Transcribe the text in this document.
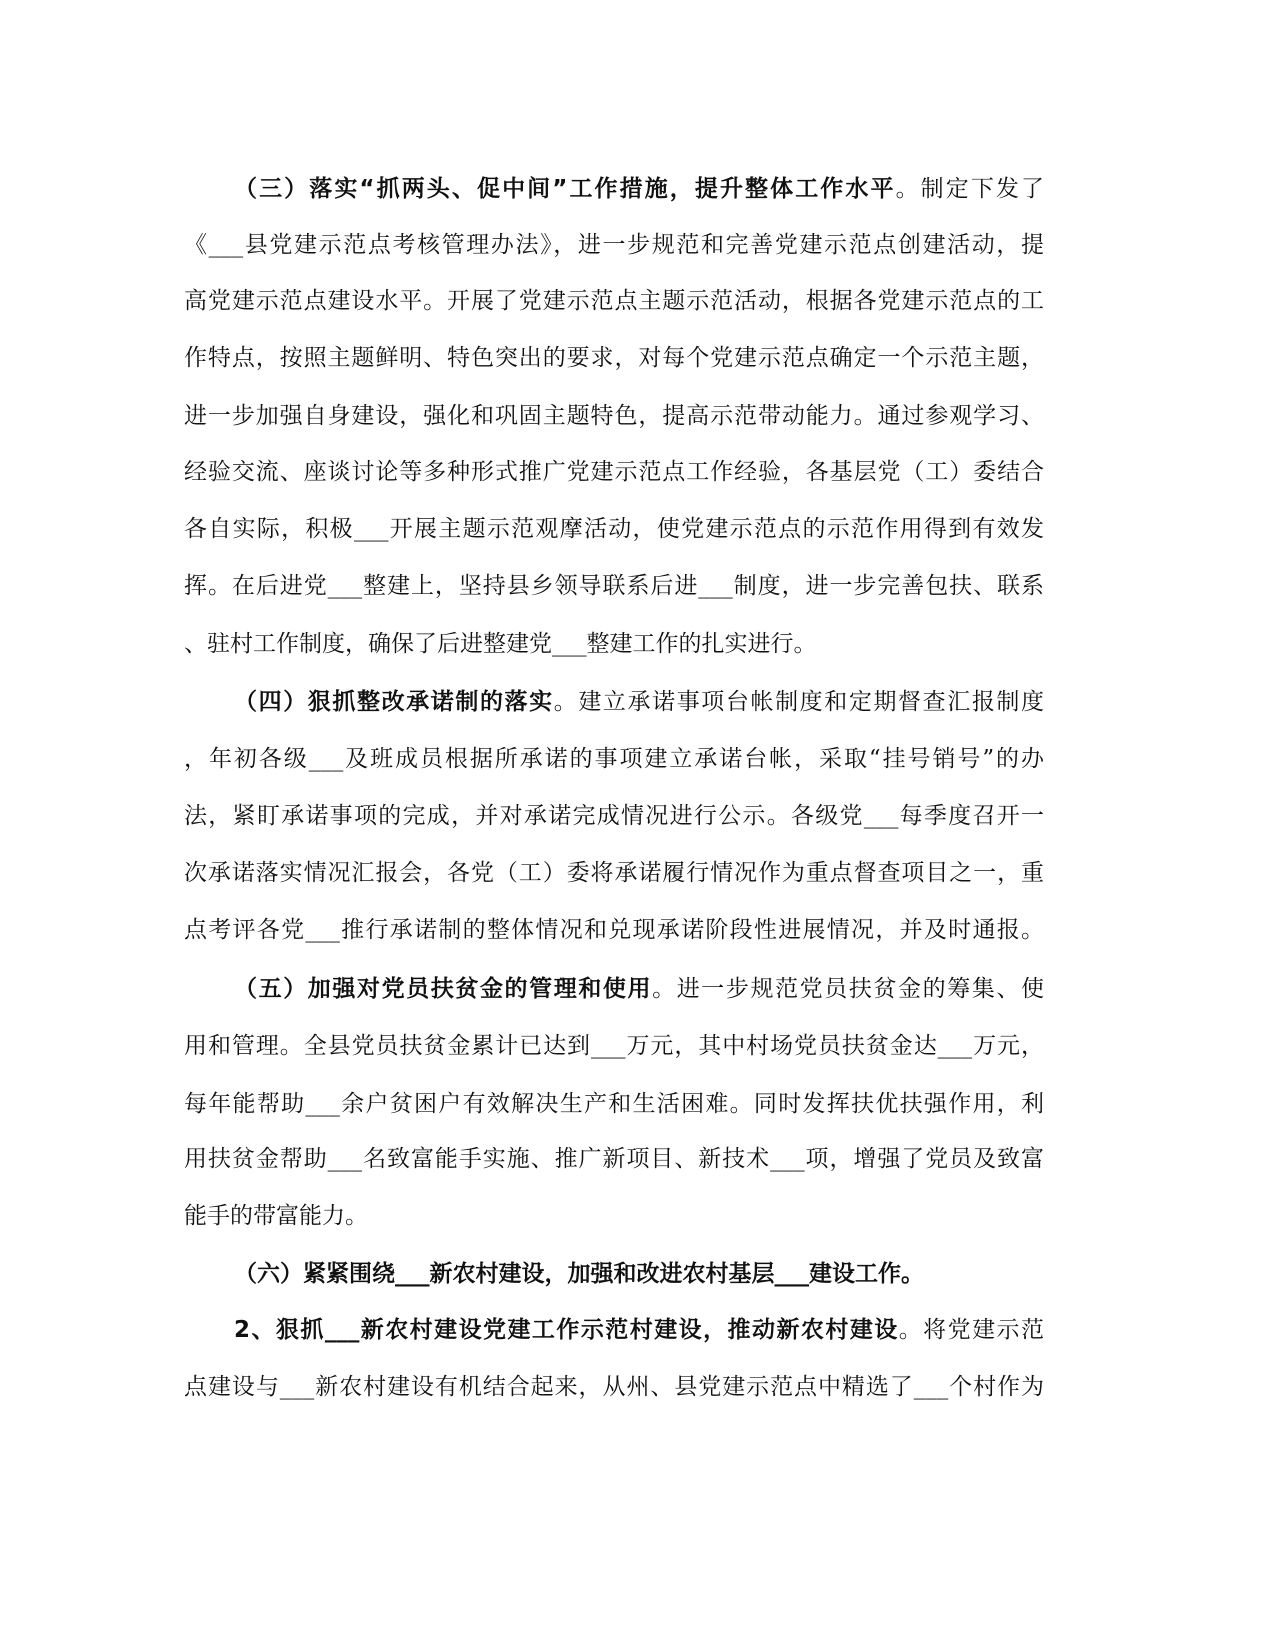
（三）落实“抓两头、促中间”工作措施，提升整体工作水平。制定下发了
《___县党建示范点考核管理办法》，进一步规范和完善党建示范点创建活动，提
高党建示范点建设水平。开展了党建示范点主题示范活动，根据各党建示范点的工
作特点，按照主题鲜明、特色突出的要求，对每个党建示范点确定一个示范主题，
进一步加强自身建设，强化和巩固主题特色，提高示范带动能力。通过参观学习、
经验交流、座谈讨论等多种形式推广党建示范点工作经验，各基层党（工）委结合
各自实际，积极___开展主题示范观摩活动，使党建示范点的示范作用得到有效发
挥。在后进党___整建上，坚持县乡领导联系后进___制度，进一步完善包扶、联系
、驻村工作制度，确保了后进整建党___整建工作的扎实进行。
（四）狠抓整改承诺制的落实。建立承诺事项台帐制度和定期督查汇报制度
，年初各级___及班成员根据所承诺的事项建立承诺台帐，采取“挂号销号”的办
法，紧盯承诺事项的完成，并对承诺完成情况进行公示。各级党___每季度召开一
次承诺落实情况汇报会，各党（工）委将承诺履行情况作为重点督查项目之一，重
点考评各党___推行承诺制的整体情况和兑现承诺阶段性进展情况，并及时通报。
（五）加强对党员扶贫金的管理和使用。进一步规范党员扶贫金的筹集、使
用和管理。全县党员扶贫金累计已达到___万元，其中村场党员扶贫金达___万元，
每年能帮助___余户贫困户有效解决生产和生活困难。同时发挥扶优扶强作用，利
用扶贫金帮助___名致富能手实施、推广新项目、新技术___项，增强了党员及致富
能手的带富能力。
（六）紧紧围绕___新农村建设，加强和改进农村基层___建设工作。
2、狠抓___新农村建设党建工作示范村建设，推动新农村建设。将党建示范
点建设与___新农村建设有机结合起来，从州、县党建示范点中精选了___个村作为
